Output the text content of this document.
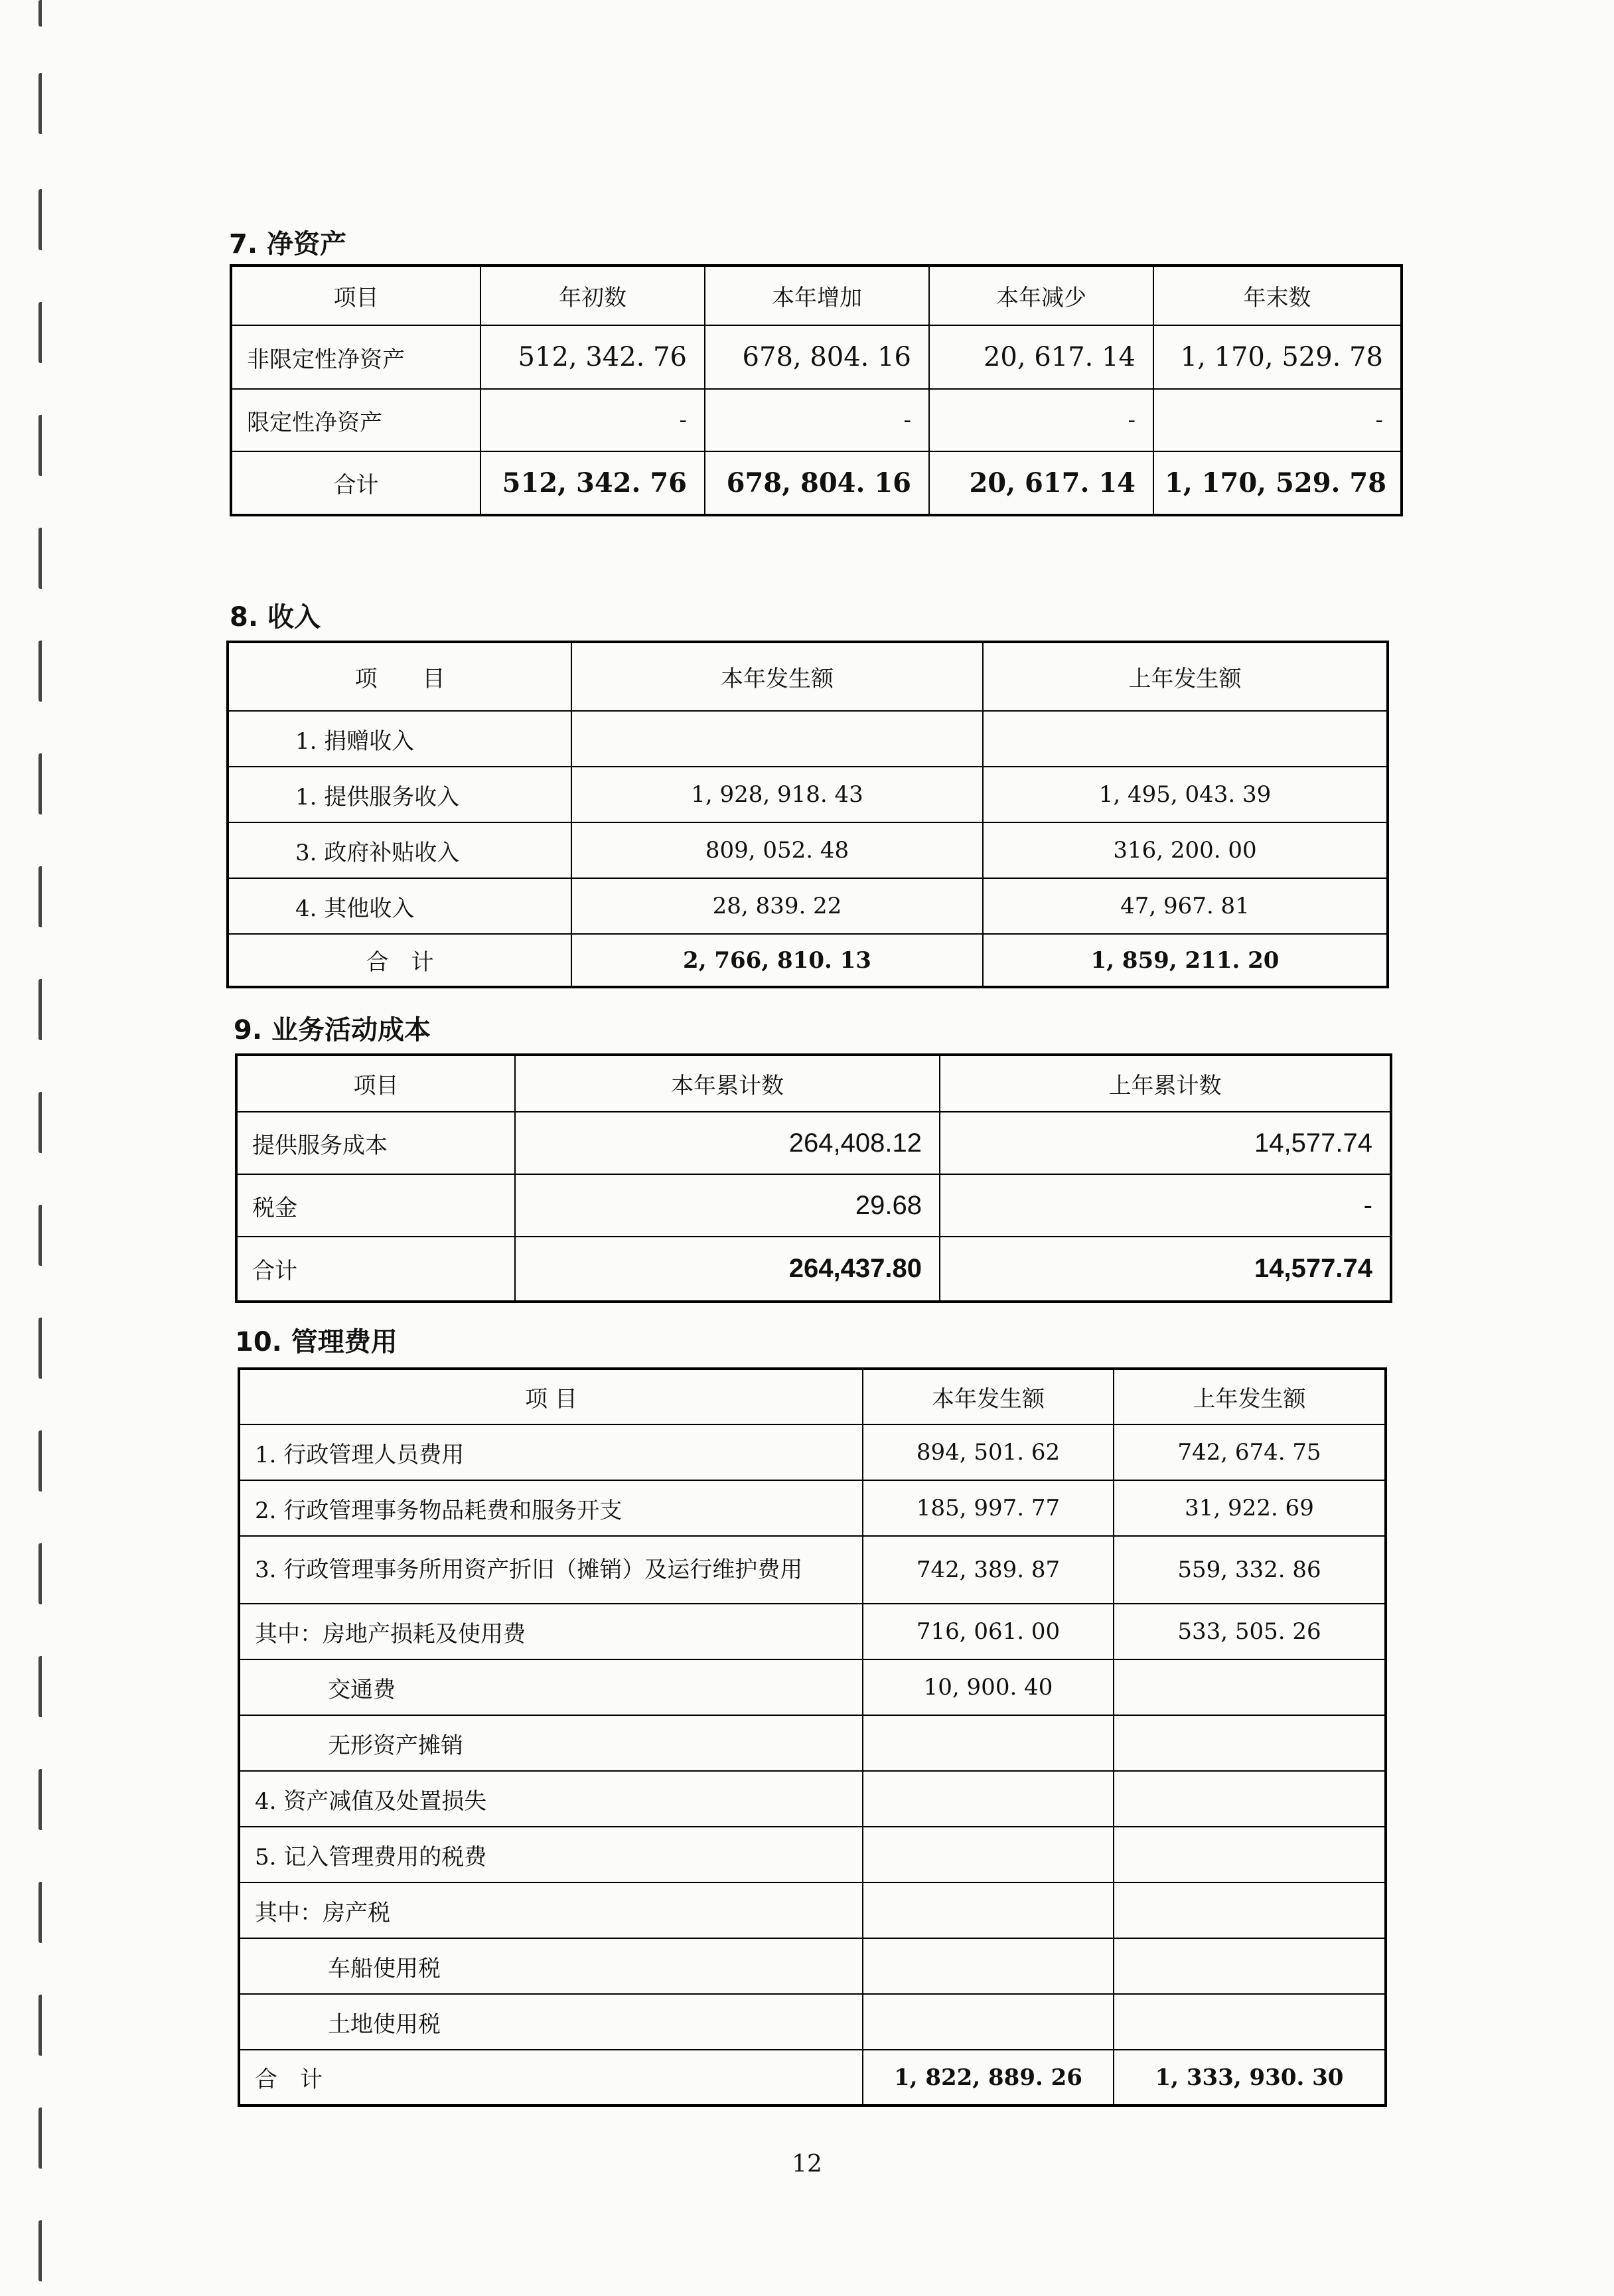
7. 净资产
项目	年初数	本年增加	本年减少	年末数
非限定性净资产	512, 342. 76	678, 804. 16	20, 617. 14	1, 170, 529. 78
限定性净资产	-	-	-	-
合计	512, 342. 76	678, 804. 16	20, 617. 14	1, 170, 529. 78
8. 收入
项　　目	本年发生额	上年发生额
1. 捐赠收入		
1. 提供服务收入	1, 928, 918. 43	1, 495, 043. 39
3. 政府补贴收入	809, 052. 48	316, 200. 00
4. 其他收入	28, 839. 22	47, 967. 81
合　计	2, 766, 810. 13	1, 859, 211. 20
9. 业务活动成本
项目	本年累计数	上年累计数
提供服务成本	264,408.12	14,577.74
税金	29.68	-
合计	264,437.80	14,577.74
10. 管理费用
项 目	本年发生额	上年发生额
1. 行政管理人员费用	894, 501. 62	742, 674. 75
2. 行政管理事务物品耗费和服务开支	185, 997. 77	31, 922. 69
3. 行政管理事务所用资产折旧（摊销）及运行维护费用	742, 389. 87	559, 332. 86
其中：房地产损耗及使用费	716, 061. 00	533, 505. 26
交通费	10, 900. 40	
无形资产摊销		
4. 资产减值及处置损失		
5. 记入管理费用的税费		
其中：房产税		
车船使用税		
土地使用税		
合　计	1, 822, 889. 26	1, 333, 930. 30
12
